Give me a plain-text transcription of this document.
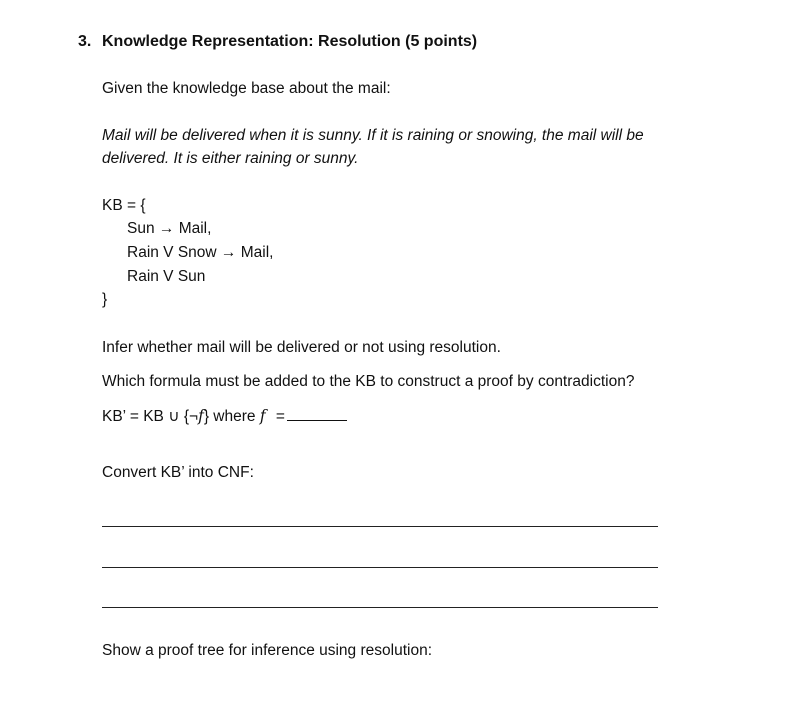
3. Knowledge Representation: Resolution (5 points)
Given the knowledge base about the mail:
Mail will be delivered when it is sunny. If it is raining or snowing, the mail will be
delivered. It is either raining or sunny.
KB = {
Sun → Mail,
Rain V Snow → Mail,
Rain V Sun
}
Infer whether mail will be delivered or not using resolution.
Which formula must be added to the KB to construct a proof by contradiction?
KB’ = KB ∪ {¬f} where f =
Convert KB’ into CNF:
Show a proof tree for inference using resolution:
